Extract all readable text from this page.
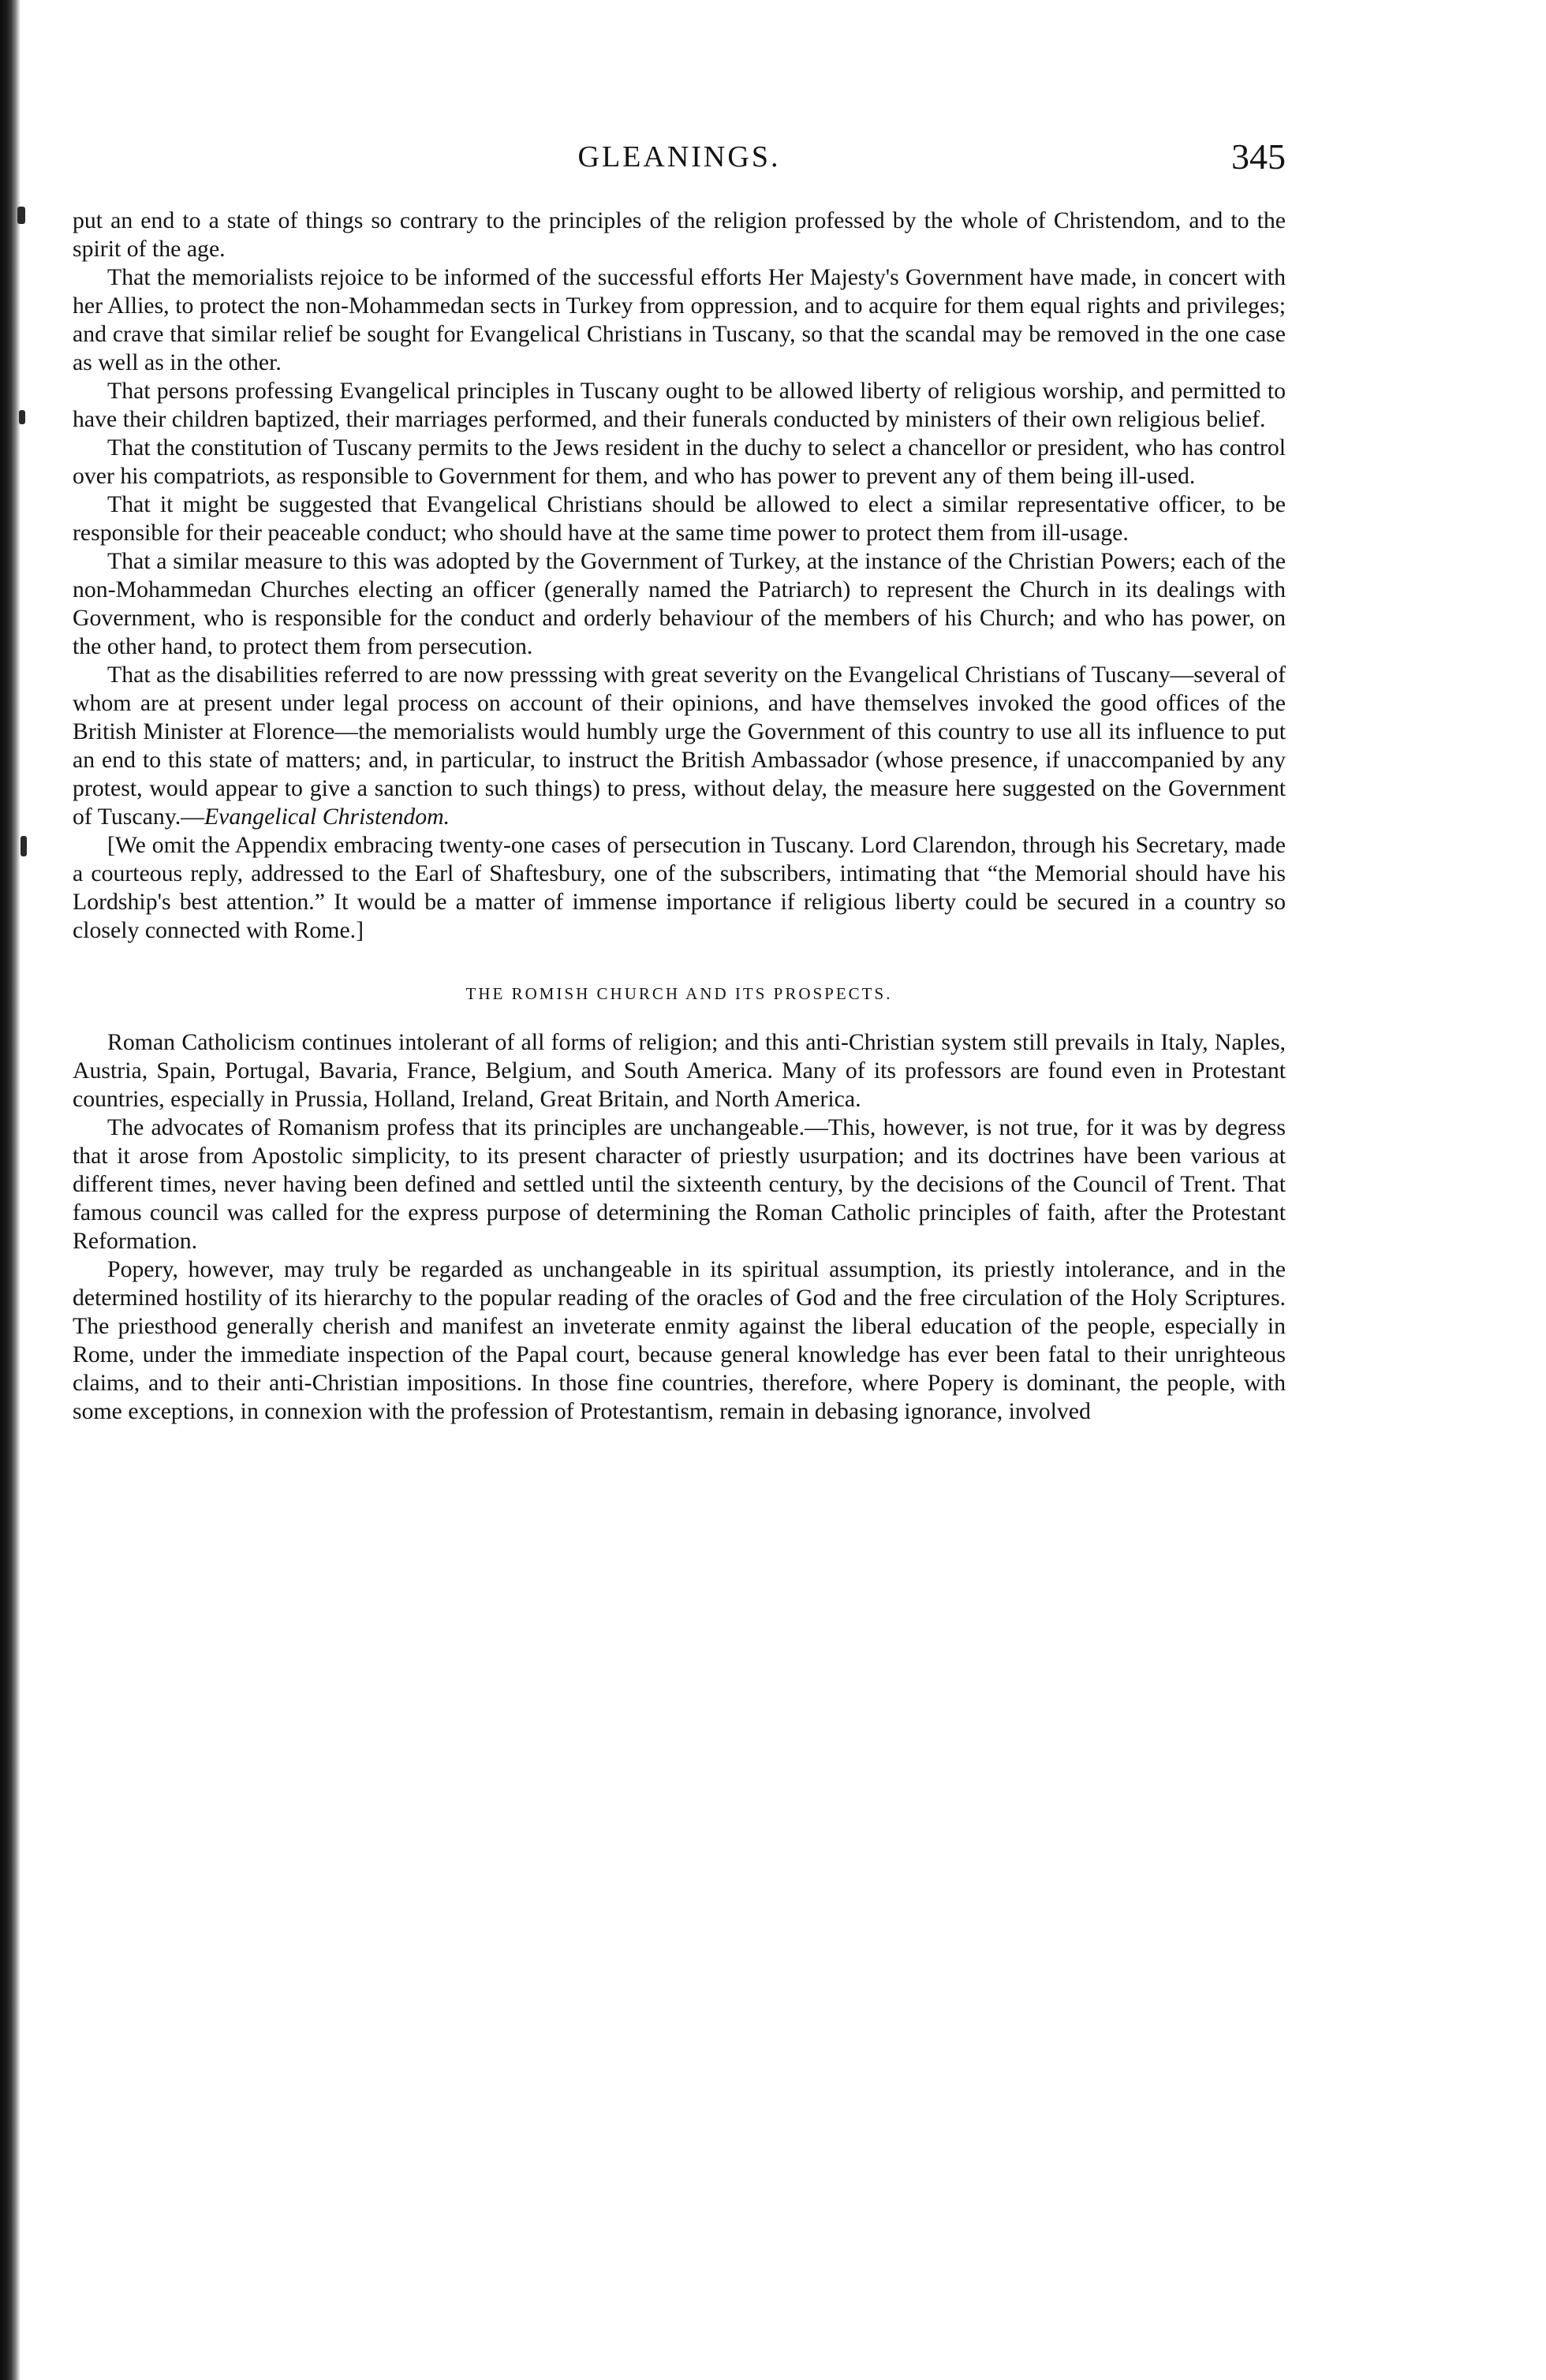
GLEANINGS.	345

put an end to a state of things so contrary to the principles of the religion professed by the whole of Christendom, and to the spirit of the age.

That the memorialists rejoice to be informed of the successful efforts Her Majesty's Government have made, in concert with her Allies, to protect the non-Mohammedan sects in Turkey from oppression, and to acquire for them equal rights and privileges; and crave that similar relief be sought for Evangelical Christians in Tuscany, so that the scandal may be removed in the one case as well as in the other.

That persons professing Evangelical principles in Tuscany ought to be allowed liberty of religious worship, and permitted to have their children baptized, their marriages performed, and their funerals conducted by ministers of their own religious belief.

That the constitution of Tuscany permits to the Jews resident in the duchy to select a chancellor or president, who has control over his compatriots, as responsible to Government for them, and who has power to prevent any of them being ill-used.

That it might be suggested that Evangelical Christians should be allowed to elect a similar representative officer, to be responsible for their peaceable conduct; who should have at the same time power to protect them from ill-usage.

That a similar measure to this was adopted by the Government of Turkey, at the instance of the Christian Powers; each of the non-Mohammedan Churches electing an officer (generally named the Patriarch) to represent the Church in its dealings with Government, who is responsible for the conduct and orderly behaviour of the members of his Church; and who has power, on the other hand, to protect them from persecution.

That as the disabilities referred to are now presssing with great severity on the Evangelical Christians of Tuscany—several of whom are at present under legal process on account of their opinions, and have themselves invoked the good offices of the British Minister at Florence—the memorialists would humbly urge the Government of this country to use all its influence to put an end to this state of matters; and, in particular, to instruct the British Ambassador (whose presence, if unaccompanied by any protest, would appear to give a sanction to such things) to press, without delay, the measure here suggested on the Government of Tuscany.—Evangelical Christendom.

[We omit the Appendix embracing twenty-one cases of persecution in Tuscany. Lord Clarendon, through his Secretary, made a courteous reply, addressed to the Earl of Shaftesbury, one of the subscribers, intimating that “the Memorial should have his Lordship's best attention.” It would be a matter of immense importance if religious liberty could be secured in a country so closely connected with Rome.]

THE ROMISH CHURCH AND ITS PROSPECTS.

Roman Catholicism continues intolerant of all forms of religion; and this anti-Christian system still prevails in Italy, Naples, Austria, Spain, Portugal, Bavaria, France, Belgium, and South America. Many of its professors are found even in Protestant countries, especially in Prussia, Holland, Ireland, Great Britain, and North America.

The advocates of Romanism profess that its principles are unchangeable.—This, however, is not true, for it was by degress that it arose from Apostolic simplicity, to its present character of priestly usurpation; and its doctrines have been various at different times, never having been defined and settled until the sixteenth century, by the decisions of the Council of Trent. That famous council was called for the express purpose of determining the Roman Catholic principles of faith, after the Protestant Reformation.

Popery, however, may truly be regarded as unchangeable in its spiritual assumption, its priestly intolerance, and in the determined hostility of its hierarchy to the popular reading of the oracles of God and the free circulation of the Holy Scriptures. The priesthood generally cherish and manifest an inveterate enmity against the liberal education of the people, especially in Rome, under the immediate inspection of the Papal court, because general knowledge has ever been fatal to their unrighteous claims, and to their anti-Christian impositions. In those fine countries, therefore, where Popery is dominant, the people, with some exceptions, in connexion with the profession of Protestantism, remain in debasing ignorance, involved
